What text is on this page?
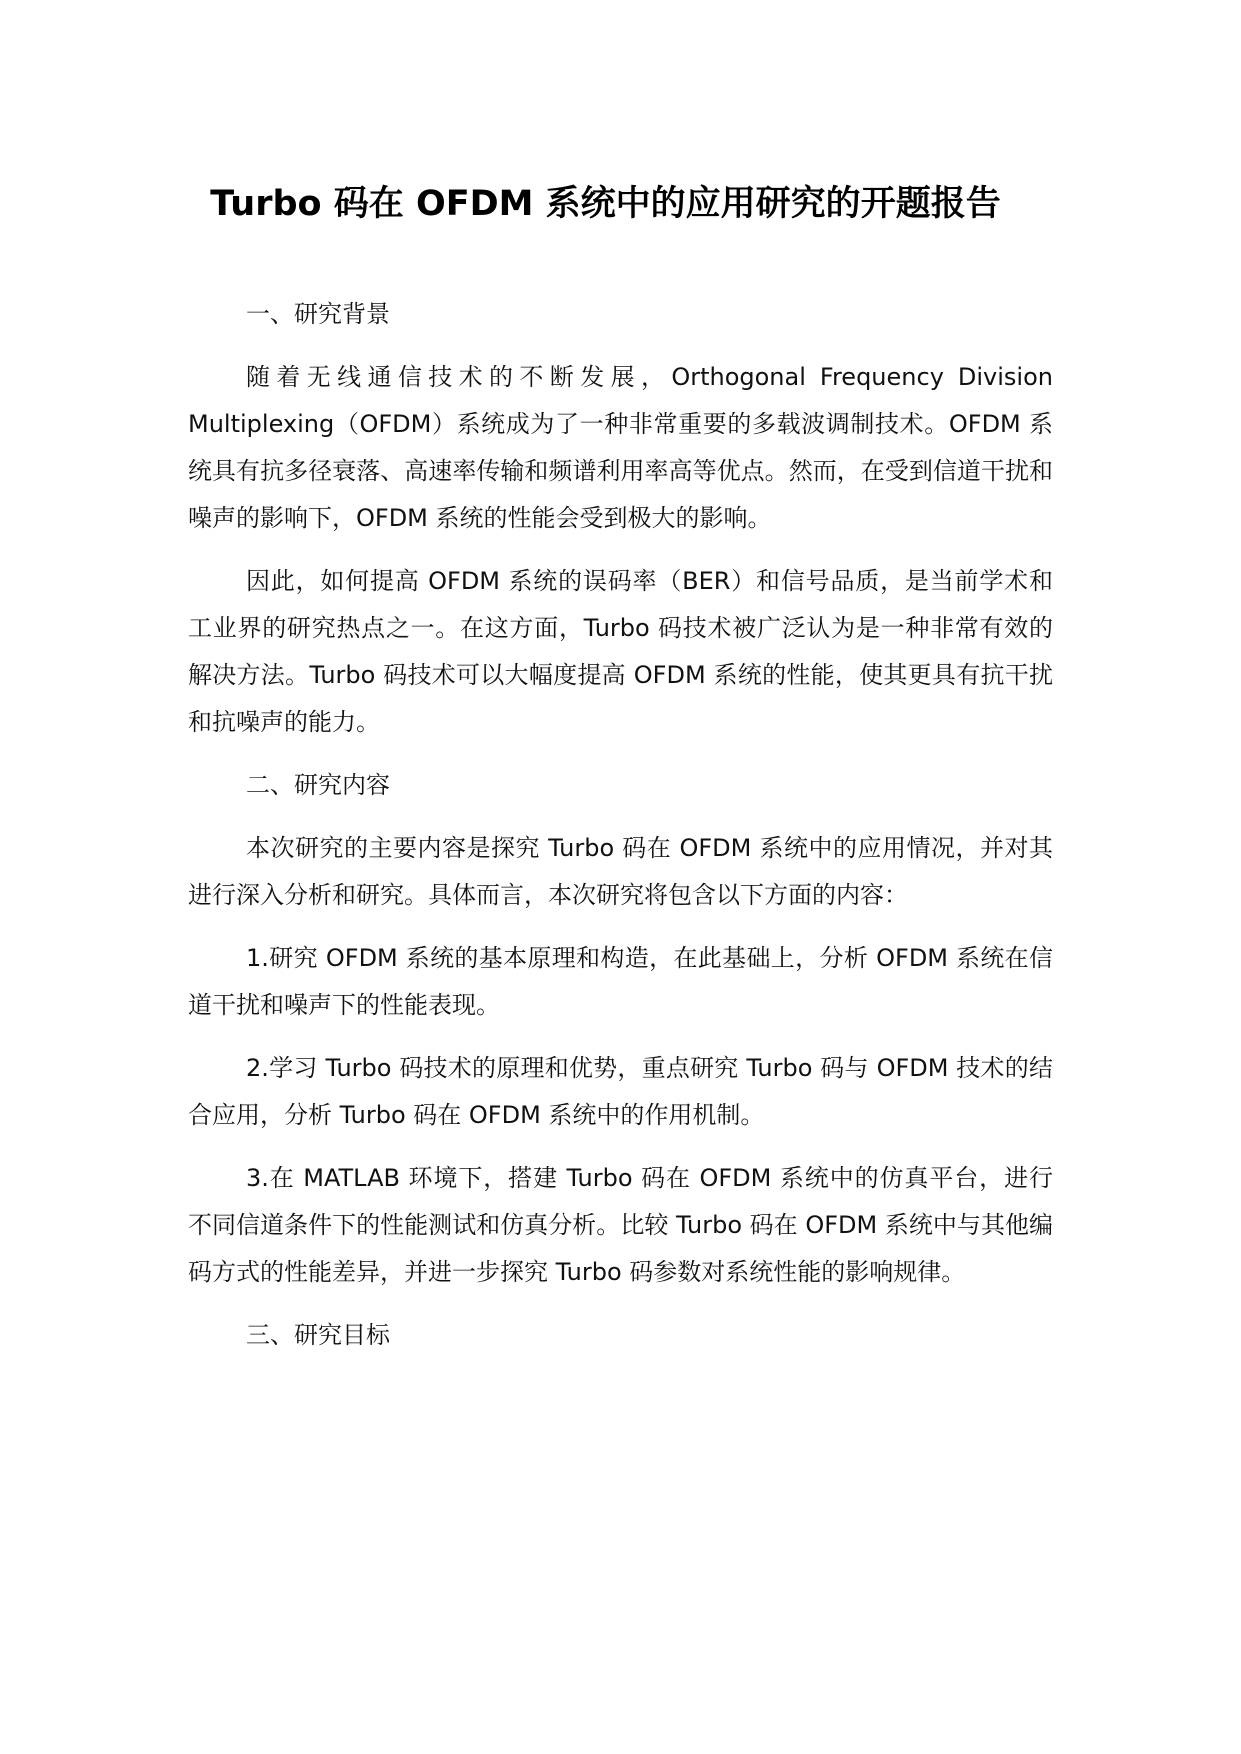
Turbo 码在 OFDM 系统中的应用研究的开题报告
一、研究背景

随着无线通信技术的不断发展，Orthogonal Frequency Division Multiplexing（OFDM）系统成为了一种非常重要的多载波调制技术。OFDM 系统具有抗多径衰落、高速率传输和频谱利用率高等优点。然而，在受到信道干扰和噪声的影响下，OFDM 系统的性能会受到极大的影响。

因此，如何提高 OFDM 系统的误码率（BER）和信号品质，是当前学术和工业界的研究热点之一。在这方面，Turbo 码技术被广泛认为是一种非常有效的解决方法。Turbo 码技术可以大幅度提高 OFDM 系统的性能，使其更具有抗干扰和抗噪声的能力。

二、研究内容

本次研究的主要内容是探究 Turbo 码在 OFDM 系统中的应用情况，并对其进行深入分析和研究。具体而言，本次研究将包含以下方面的内容：

1.研究 OFDM 系统的基本原理和构造，在此基础上，分析 OFDM 系统在信道干扰和噪声下的性能表现。

2.学习 Turbo 码技术的原理和优势，重点研究 Turbo 码与 OFDM 技术的结合应用，分析 Turbo 码在 OFDM 系统中的作用机制。

3.在 MATLAB 环境下，搭建 Turbo 码在 OFDM 系统中的仿真平台，进行不同信道条件下的性能测试和仿真分析。比较 Turbo 码在 OFDM 系统中与其他编码方式的性能差异，并进一步探究 Turbo 码参数对系统性能的影响规律。

三、研究目标
